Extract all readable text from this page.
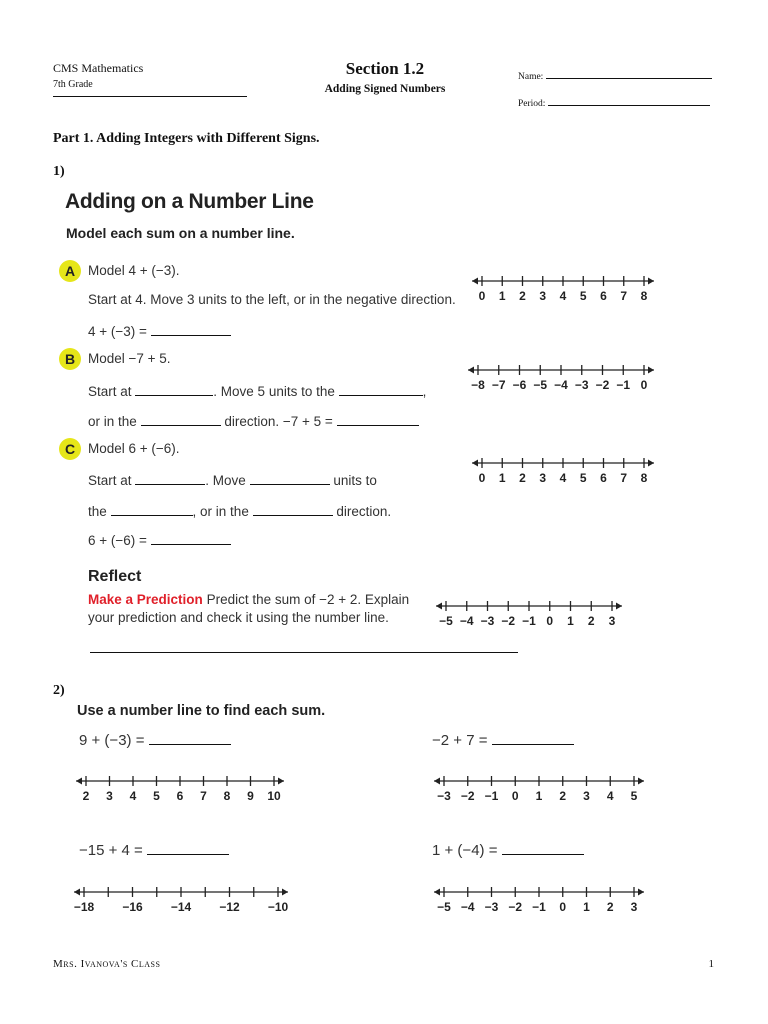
CMS Mathematics
7th Grade
Section 1.2
Adding Signed Numbers
Name:
Period:
Part 1. Adding Integers with Different Signs.
1)
Adding on a Number Line
Model each sum on a number line.
A Model 4 + (−3).
Start at 4. Move 3 units to the left, or in the negative direction.
4 + (−3) =
B Model −7 + 5.
Start at	. Move 5 units to the	,
or in the	direction. −7 + 5 =
C Model 6 + (−6).
Start at	. Move	units to
the	, or in the	direction.
6 + (−6) =
Reflect
Make a Prediction Predict the sum of −2 + 2. Explain
your prediction and check it using the number line.
2)
Use a number line to find each sum.
9 + (−3) =	−2 + 7 =
−15 + 4 =	1 + (−4) =
0 1 2 3 4 5 6 7 8
−8 −7 −6 −5 −4 −3 −2 −1 0
0 1 2 3 4 5 6 7 8
−5 −4 −3 −2 −1 0 1 2 3
2 3 4 5 6 7 8 9 10	−3 −2 −1 0 1 2 3 4 5
−18 −16 −14 −12 −10	−5 −4 −3 −2 −1 0 1 2 3
Mrs. Ivanova's Class	1
